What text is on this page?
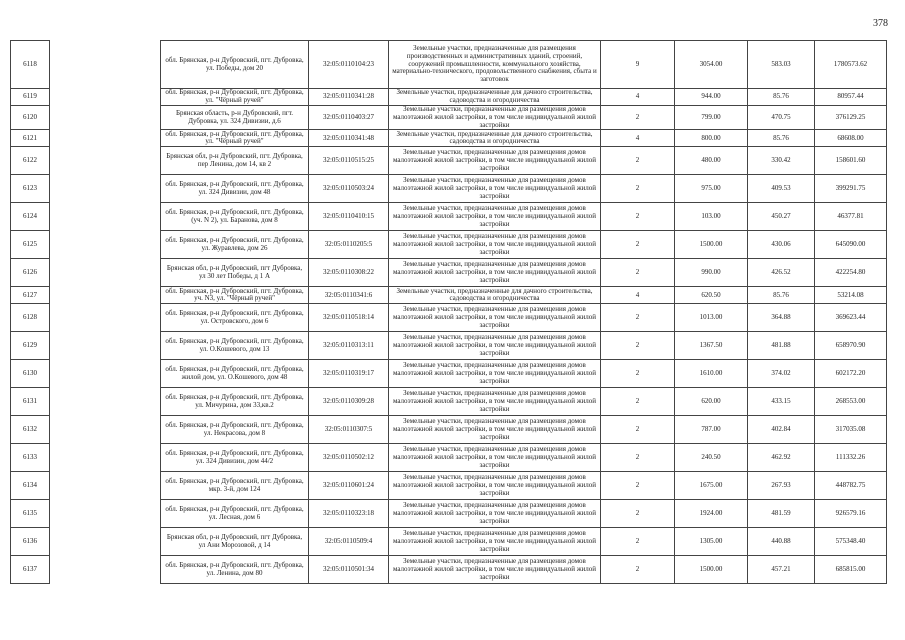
378
6118		обл. Брянская, р-н Дубровский, пгт. Дубровка, ул. Победы, дом 20	32:05:0110104:23	Земельные участки, предназначенные для размещения производственных и административных зданий, строений, сооружений промышленности, коммунального хозяйства, материально-технического, продовольственного снабжения, сбыта и заготовок	9	3054.00	583.03	1780573.62
6119		обл. Брянская, р-н Дубровский, пгт. Дубровка, ул. "Чёрный ручей"	32:05:0110341:28	Земельные участки, предназначенные для дачного строительства, садоводства и огородничества	4	944.00	85.76	80957.44
6120		Брянская область, р-н Дубровский, пгт. Дубровка, ул. 324 Дивизии, д.6	32:05:0110403:27	Земельные участки, предназначенные для размещения домов малоэтажной жилой застройки, в том числе индивидуальной жилой застройки	2	799.00	470.75	376129.25
6121		обл. Брянская, р-н Дубровский, пгт. Дубровка, ул. "Чёрный ручей"	32:05:0110341:48	Земельные участки, предназначенные для дачного строительства, садоводства и огородничества	4	800.00	85.76	68608.00
6122		Брянская обл, р-н Дубровский, пгт. Дубровка, пер Ленина, дом 14, кв 2	32:05:0110515:25	Земельные участки, предназначенные для размещения домов малоэтажной жилой застройки, в том числе индивидуальной жилой застройки	2	480.00	330.42	158601.60
6123		обл. Брянская, р-н Дубровский, пгт. Дубровка, ул. 324 Дивизии, дом 48	32:05:0110503:24	Земельные участки, предназначенные для размещения домов малоэтажной жилой застройки, в том числе индивидуальной жилой застройки	2	975.00	409.53	399291.75
6124		обл. Брянская, р-н Дубровский, пгт. Дубровка, (уч. N 2), ул. Баранова, дом 8	32:05:0110410:15	Земельные участки, предназначенные для размещения домов малоэтажной жилой застройки, в том числе индивидуальной жилой застройки	2	103.00	450.27	46377.81
6125		обл. Брянская, р-н Дубровский, пгт. Дубровка, ул. Журавлева, дом 26	32:05:0110205:5	Земельные участки, предназначенные для размещения домов малоэтажной жилой застройки, в том числе индивидуальной жилой застройки	2	1500.00	430.06	645090.00
6126		Брянская обл, р-н Дубровский, пгт Дубровка, ул 30 лет Победы, д 1 А	32:05:0110308:22	Земельные участки, предназначенные для размещения домов малоэтажной жилой застройки, в том числе индивидуальной жилой застройки	2	990.00	426.52	422254.80
6127		обл. Брянская, р-н Дубровский, пгт. Дубровка, уч. N3, ул. "Чёрный ручей"	32:05:0110341:6	Земельные участки, предназначенные для дачного строительства, садоводства и огородничества	4	620.50	85.76	53214.08
6128		обл. Брянская, р-н Дубровский, пгт. Дубровка, ул. Островского, дом 6	32:05:0110518:14	Земельные участки, предназначенные для размещения домов малоэтажной жилой застройки, в том числе индивидуальной жилой застройки	2	1013.00	364.88	369623.44
6129		обл. Брянская, р-н Дубровский, пгт. Дубровка, ул. О.Кошевого, дом 13	32:05:0110313:11	Земельные участки, предназначенные для размещения домов малоэтажной жилой застройки, в том числе индивидуальной жилой застройки	2	1367.50	481.88	658970.90
6130		обл. Брянская, р-н Дубровский, пгт. Дубровка, жилой дом, ул. О.Кошевого, дом 48	32:05:0110319:17	Земельные участки, предназначенные для размещения домов малоэтажной жилой застройки, в том числе индивидуальной жилой застройки	2	1610.00	374.02	602172.20
6131		обл. Брянская, р-н Дубровский, пгт. Дубровка, ул. Мичурина, дом 33,кв.2	32:05:0110309:28	Земельные участки, предназначенные для размещения домов малоэтажной жилой застройки, в том числе индивидуальной жилой застройки	2	620.00	433.15	268553.00
6132		обл. Брянская, р-н Дубровский, пгт. Дубровка, ул. Некрасова, дом 8	32:05:0110307:5	Земельные участки, предназначенные для размещения домов малоэтажной жилой застройки, в том числе индивидуальной жилой застройки	2	787.00	402.84	317035.08
6133		обл. Брянская, р-н Дубровский, пгт. Дубровка, ул. 324 Дивизии, дом 44/2	32:05:0110502:12	Земельные участки, предназначенные для размещения домов малоэтажной жилой застройки, в том числе индивидуальной жилой застройки	2	240.50	462.92	111332.26
6134		обл. Брянская, р-н Дубровский, пгт. Дубровка, мкр. 3-й, дом 124	32:05:0110601:24	Земельные участки, предназначенные для размещения домов малоэтажной жилой застройки, в том числе индивидуальной жилой застройки	2	1675.00	267.93	448782.75
6135		обл. Брянская, р-н Дубровский, пгт. Дубровка, ул. Лесная, дом 6	32:05:0110323:18	Земельные участки, предназначенные для размещения домов малоэтажной жилой застройки, в том числе индивидуальной жилой застройки	2	1924.00	481.59	926579.16
6136		Брянская обл, р-н Дубровский, пгт Дубровка, ул Ани Морозовой, д 14	32:05:0110509:4	Земельные участки, предназначенные для размещения домов малоэтажной жилой застройки, в том числе индивидуальной жилой застройки	2	1305.00	440.88	575348.40
6137		обл. Брянская, р-н Дубровский, пгт. Дубровка, ул. Ленина, дом 80	32:05:0110501:34	Земельные участки, предназначенные для размещения домов малоэтажной жилой застройки, в том числе индивидуальной жилой застройки	2	1500.00	457.21	685815.00
